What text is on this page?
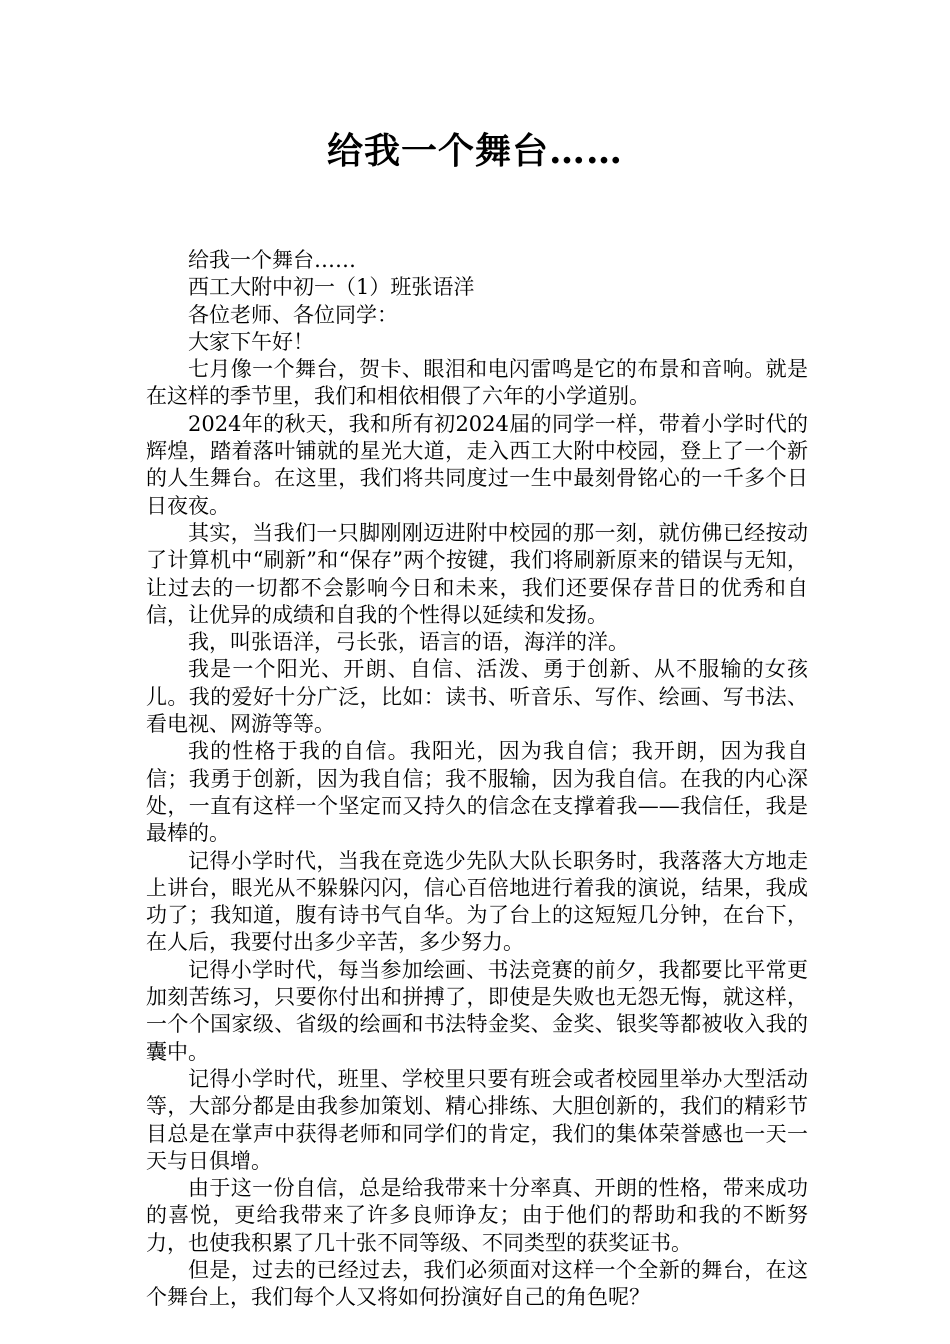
给我一个舞台……

给我一个舞台……

西工大附中初一（1）班张语洋

各位老师、各位同学：

大家下午好！

七月像一个舞台，贺卡、眼泪和电闪雷鸣是它的布景和音响。就是在这样的季节里，我们和相依相偎了六年的小学道别。

2024年的秋天，我和所有初2024届的同学一样，带着小学时代的辉煌，踏着落叶铺就的星光大道，走入西工大附中校园，登上了一个新的人生舞台。在这里，我们将共同度过一生中最刻骨铭心的一千多个日日夜夜。

其实，当我们一只脚刚刚迈进附中校园的那一刻，就仿佛已经按动了计算机中“刷新”和“保存”两个按键，我们将刷新原来的错误与无知，让过去的一切都不会影响今日和未来，我们还要保存昔日的优秀和自信，让优异的成绩和自我的个性得以延续和发扬。

我，叫张语洋，弓长张，语言的语，海洋的洋。

我是一个阳光、开朗、自信、活泼、勇于创新、从不服输的女孩儿。我的爱好十分广泛，比如：读书、听音乐、写作、绘画、写书法、看电视、网游等等。

我的性格于我的自信。我阳光，因为我自信；我开朗，因为我自信；我勇于创新，因为我自信；我不服输，因为我自信。在我的内心深处，一直有这样一个坚定而又持久的信念在支撑着我——我信任，我是最棒的。

记得小学时代，当我在竞选少先队大队长职务时，我落落大方地走上讲台，眼光从不躲躲闪闪，信心百倍地进行着我的演说，结果，我成功了；我知道，腹有诗书气自华。为了台上的这短短几分钟，在台下，在人后，我要付出多少辛苦，多少努力。

记得小学时代，每当参加绘画、书法竞赛的前夕，我都要比平常更加刻苦练习，只要你付出和拼搏了，即使是失败也无怨无悔，就这样，一个个国家级、省级的绘画和书法特金奖、金奖、银奖等都被收入我的囊中。

记得小学时代，班里、学校里只要有班会或者校园里举办大型活动等，大部分都是由我参加策划、精心排练、大胆创新的，我们的精彩节目总是在掌声中获得老师和同学们的肯定，我们的集体荣誉感也一天一天与日俱增。

由于这一份自信，总是给我带来十分率真、开朗的性格，带来成功的喜悦，更给我带来了许多良师诤友；由于他们的帮助和我的不断努力，也使我积累了几十张不同等级、不同类型的获奖证书。

但是，过去的已经过去，我们必须面对这样一个全新的舞台，在这个舞台上，我们每个人又将如何扮演好自己的角色呢？
